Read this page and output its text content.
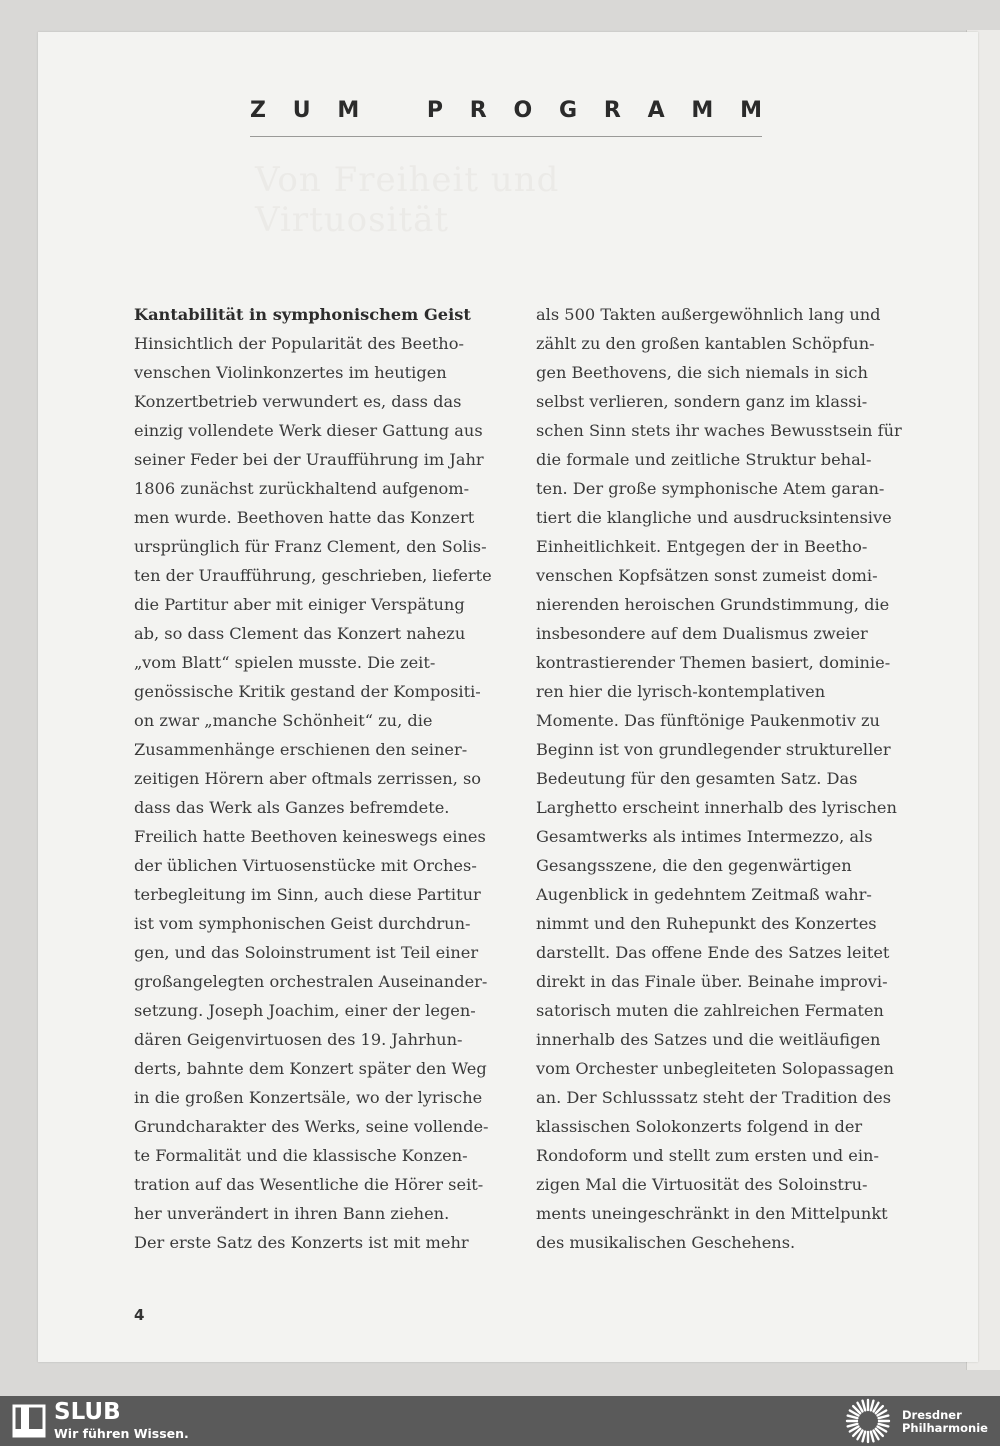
Z U M	P R O G R A M M
Von Freiheit und Virtuosität
Kantabilität in symphonischem Geist
Hinsichtlich der Popularität des Beetho-
venschen Violinkonzertes im heutigen
Konzertbetrieb verwundert es, dass das
einzig vollendete Werk dieser Gattung aus
seiner Feder bei der Uraufführung im Jahr
1806 zunächst zurückhaltend aufgenom-
men wurde. Beethoven hatte das Konzert
ursprünglich für Franz Clement, den Solis-
ten der Uraufführung, geschrieben, lieferte
die Partitur aber mit einiger Verspätung
ab, so dass Clement das Konzert nahezu
„vom Blatt“ spielen musste. Die zeit-
genössische Kritik gestand der Kompositi-
on zwar „manche Schönheit“ zu, die
Zusammenhänge erschienen den seiner-
zeitigen Hörern aber oftmals zerrissen, so
dass das Werk als Ganzes befremdete.
Freilich hatte Beethoven keineswegs eines
der üblichen Virtuosenstücke mit Orches-
terbegleitung im Sinn, auch diese Partitur
ist vom symphonischen Geist durchdrun-
gen, und das Soloinstrument ist Teil einer
großangelegten orchestralen Auseinander-
setzung. Joseph Joachim, einer der legen-
dären Geigenvirtuosen des 19. Jahrhun-
derts, bahnte dem Konzert später den Weg
in die großen Konzertsäle, wo der lyrische
Grundcharakter des Werks, seine vollende-
te Formalität und die klassische Konzen-
tration auf das Wesentliche die Hörer seit-
her unverändert in ihren Bann ziehen.
Der erste Satz des Konzerts ist mit mehr
als 500 Takten außergewöhnlich lang und
zählt zu den großen kantablen Schöpfun-
gen Beethovens, die sich niemals in sich
selbst verlieren, sondern ganz im klassi-
schen Sinn stets ihr waches Bewusstsein für
die formale und zeitliche Struktur behal-
ten. Der große symphonische Atem garan-
tiert die klangliche und ausdrucksintensive
Einheitlichkeit. Entgegen der in Beetho-
venschen Kopfsätzen sonst zumeist domi-
nierenden heroischen Grundstimmung, die
insbesondere auf dem Dualismus zweier
kontrastierender Themen basiert, dominie-
ren hier die lyrisch-kontemplativen
Momente. Das fünftönige Paukenmotiv zu
Beginn ist von grundlegender struktureller
Bedeutung für den gesamten Satz. Das
Larghetto erscheint innerhalb des lyrischen
Gesamtwerks als intimes Intermezzo, als
Gesangsszene, die den gegenwärtigen
Augenblick in gedehntem Zeitmaß wahr-
nimmt und den Ruhepunkt des Konzertes
darstellt. Das offene Ende des Satzes leitet
direkt in das Finale über. Beinahe improvi-
satorisch muten die zahlreichen Fermaten
innerhalb des Satzes und die weitläufigen
vom Orchester unbegleiteten Solopassagen
an. Der Schlusssatz steht der Tradition des
klassischen Solokonzerts folgend in der
Rondoform und stellt zum ersten und ein-
zigen Mal die Virtuosität des Soloinstru-
ments uneingeschränkt in den Mittelpunkt
des musikalischen Geschehens.
4
SLUB
Wir führen Wissen.
Dresdner
Philharmonie
